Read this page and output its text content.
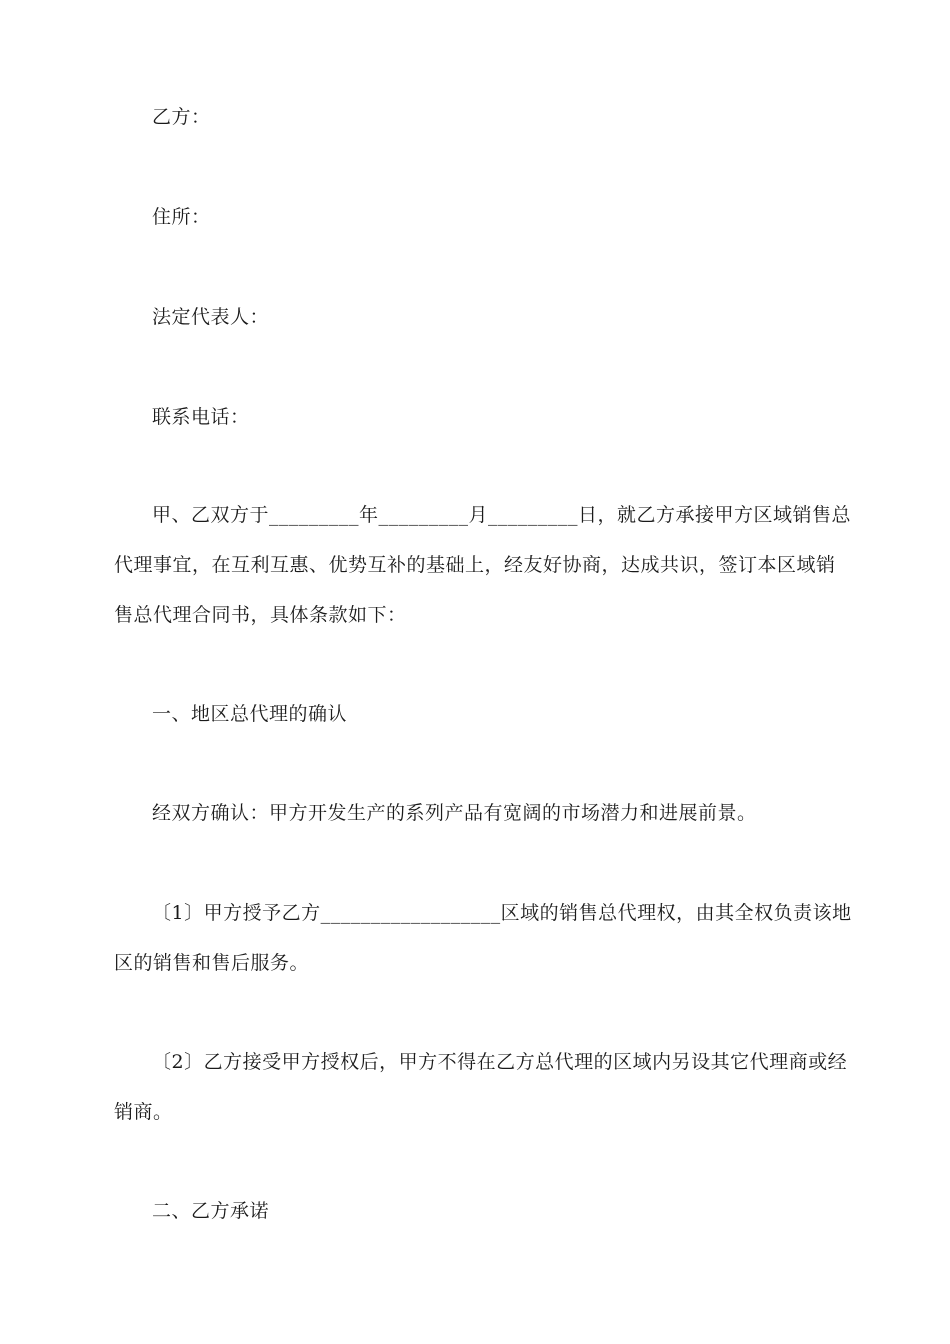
乙方：
住所：
法定代表人：
联系电话：
甲、乙双方于_________年_________月_________日，就乙方承接甲方区域销售总
代理事宜，在互利互惠、优势互补的基础上，经友好协商，达成共识，签订本区域销
售总代理合同书，具体条款如下：
一、地区总代理的确认
经双方确认：甲方开发生产的系列产品有宽阔的市场潜力和进展前景。
〔1〕甲方授予乙方__________________区域的销售总代理权，由其全权负责该地
区的销售和售后服务。
〔2〕乙方接受甲方授权后，甲方不得在乙方总代理的区域内另设其它代理商或经
销商。
二、乙方承诺
